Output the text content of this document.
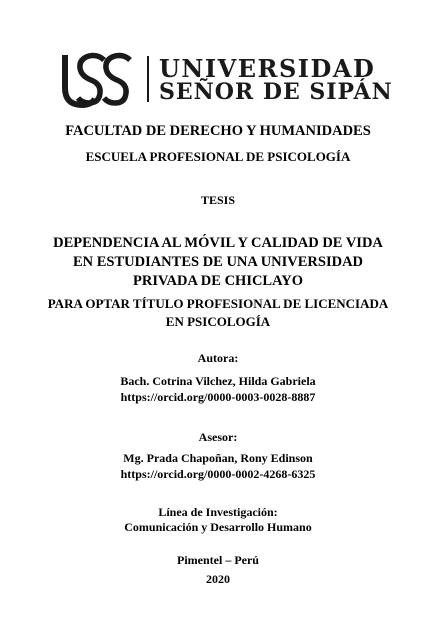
UNIVERSIDAD
SEÑOR DE SIPÁN
FACULTAD DE DERECHO Y HUMANIDADES
ESCUELA PROFESIONAL DE PSICOLOGÍA
TESIS
DEPENDENCIA AL MÓVIL Y CALIDAD DE VIDA
EN ESTUDIANTES DE UNA UNIVERSIDAD
PRIVADA DE CHICLAYO
PARA OPTAR TÍTULO PROFESIONAL DE LICENCIADA
EN PSICOLOGÍA
Autora:
Bach. Cotrina Vilchez, Hilda Gabriela
https://orcid.org/0000-0003-0028-8887
Asesor:
Mg. Prada Chapoñan, Rony Edinson
https://orcid.org/0000-0002-4268-6325
Línea de Investigación:
Comunicación y Desarrollo Humano
Pimentel – Perú
2020
